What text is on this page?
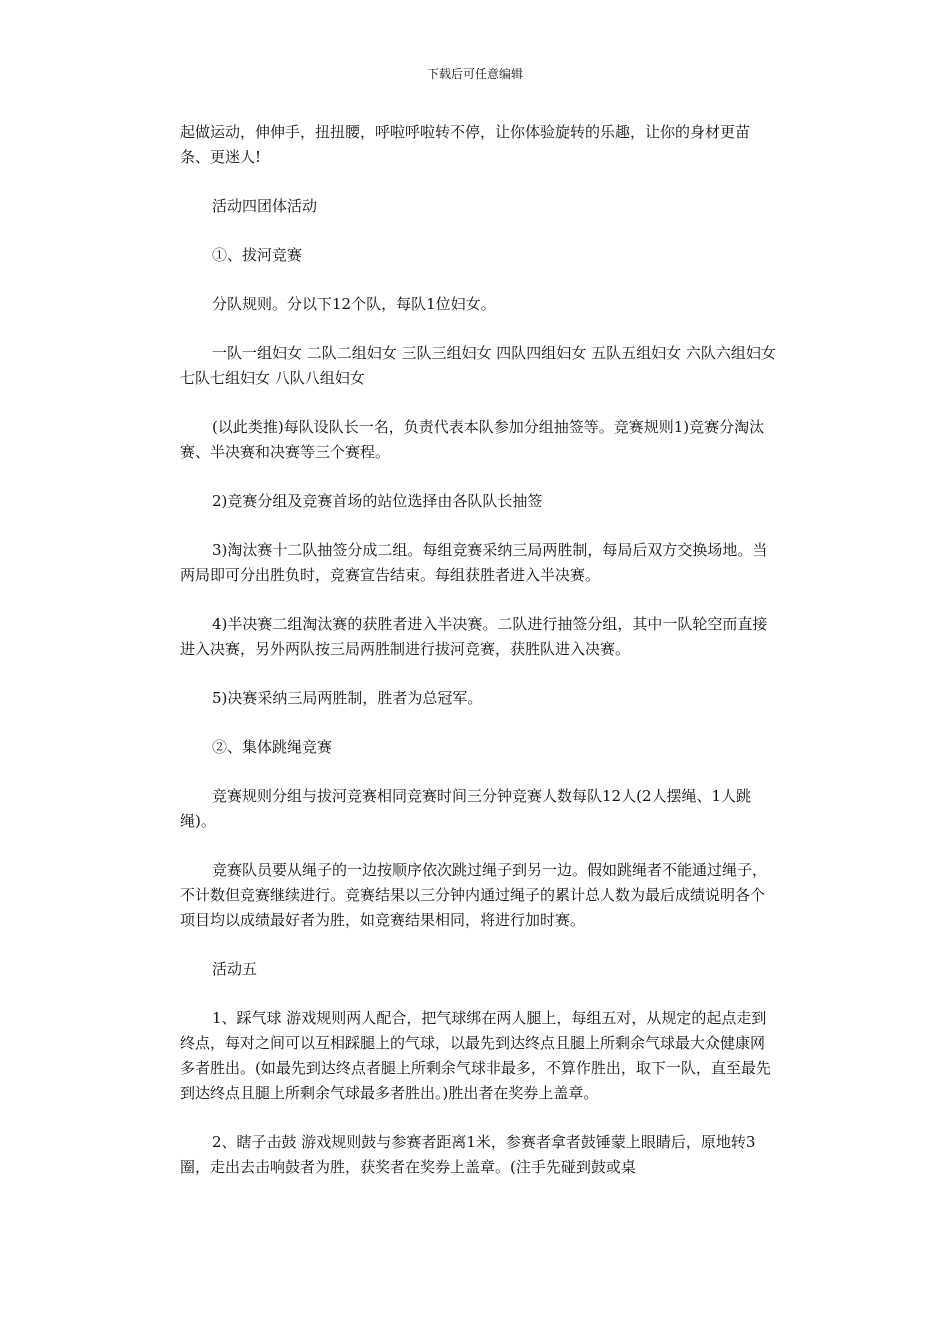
下载后可任意编辑

起做运动，伸伸手，扭扭腰，呼啦呼啦转不停，让你体验旋转的乐趣，让你的身材更苗条、更迷人!

活动四团体活动

①、拔河竞赛

分队规则。分以下12个队，每队1位妇女。

一队一组妇女 二队二组妇女 三队三组妇女 四队四组妇女 五队五组妇女 六队六组妇女 七队七组妇女 八队八组妇女

(以此类推)每队设队长一名，负责代表本队参加分组抽签等。竞赛规则1)竞赛分淘汰赛、半决赛和决赛等三个赛程。

2)竞赛分组及竞赛首场的站位选择由各队队长抽签

3)淘汰赛十二队抽签分成二组。每组竞赛采纳三局两胜制，每局后双方交换场地。当两局即可分出胜负时，竞赛宣告结束。每组获胜者进入半决赛。

4)半决赛二组淘汰赛的获胜者进入半决赛。二队进行抽签分组，其中一队轮空而直接进入决赛，另外两队按三局两胜制进行拔河竞赛，获胜队进入决赛。

5)决赛采纳三局两胜制，胜者为总冠军。

②、集体跳绳竞赛

竞赛规则分组与拔河竞赛相同竞赛时间三分钟竞赛人数每队12人(2人摆绳、1人跳绳)。

竞赛队员要从绳子的一边按顺序依次跳过绳子到另一边。假如跳绳者不能通过绳子，不计数但竞赛继续进行。竞赛结果以三分钟内通过绳子的累计总人数为最后成绩说明各个项目均以成绩最好者为胜，如竞赛结果相同，将进行加时赛。

活动五

1、踩气球 游戏规则两人配合，把气球绑在两人腿上，每组五对，从规定的起点走到终点，每对之间可以互相踩腿上的气球，以最先到达终点且腿上所剩余气球最大众健康网多者胜出。(如最先到达终点者腿上所剩余气球非最多，不算作胜出，取下一队，直至最先到达终点且腿上所剩余气球最多者胜出。)胜出者在奖券上盖章。

2、瞎子击鼓 游戏规则鼓与参赛者距离1米，参赛者拿者鼓锤蒙上眼睛后，原地转3圈，走出去击响鼓者为胜，获奖者在奖券上盖章。(注手先碰到鼓或桌
